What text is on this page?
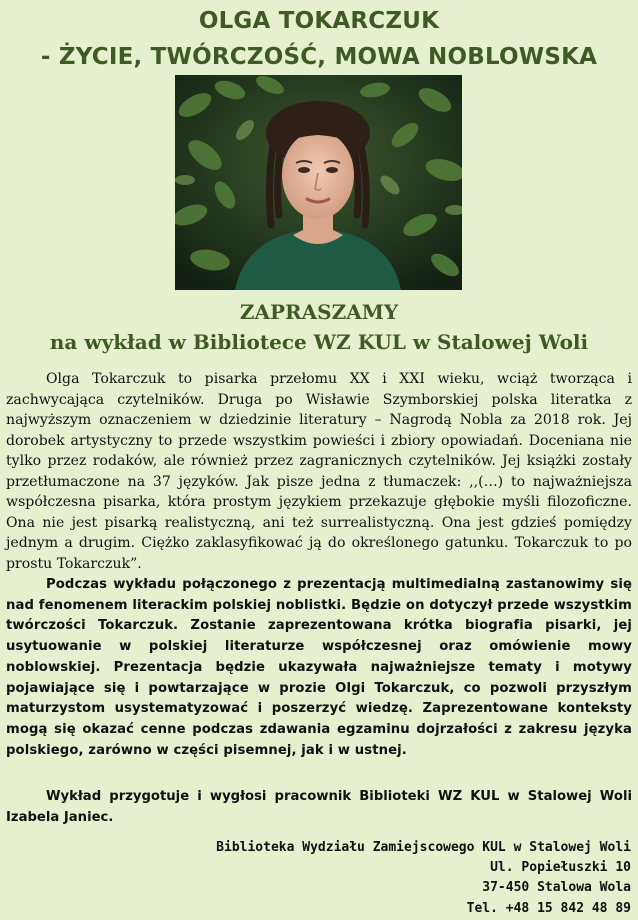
OLGA TOKARCZUK
- ŻYCIE, TWÓRCZOŚĆ, MOWA NOBLOWSKA
ZAPRASZAMY
na wykład w Bibliotece WZ KUL w Stalowej Woli

Olga Tokarczuk to pisarka przełomu XX i XXI wieku, wciąż tworząca i zachwycająca czytelników. Druga po Wisławie Szymborskiej polska literatka z najwyższym oznaczeniem w dziedzinie literatury – Nagrodą Nobla za 2018 rok. Jej dorobek artystyczny to przede wszystkim powieści i zbiory opowiadań. Doceniana nie tylko przez rodaków, ale również przez zagranicznych czytelników. Jej książki zostały przetłumaczone na 37 języków. Jak pisze jedna z tłumaczek: ,,(…) to najważniejsza współczesna pisarka, która prostym językiem przekazuje głębokie myśli filozoficzne. Ona nie jest pisarką realistyczną, ani też surrealistyczną. Ona jest gdzieś pomiędzy jednym a drugim. Ciężko zaklasyfikować ją do określonego gatunku. Tokarczuk to po prostu Tokarczuk”.

Podczas wykładu połączonego z prezentacją multimedialną zastanowimy się nad fenomenem literackim polskiej noblistki. Będzie on dotyczył przede wszystkim twórczości Tokarczuk. Zostanie zaprezentowana krótka biografia pisarki, jej usytuowanie w polskiej literaturze współczesnej oraz omówienie mowy noblowskiej. Prezentacja będzie ukazywała najważniejsze tematy i motywy pojawiające się i powtarzające w prozie Olgi Tokarczuk, co pozwoli przyszłym maturzystom usystematyzować i poszerzyć wiedzę. Zaprezentowane konteksty mogą się okazać cenne podczas zdawania egzaminu dojrzałości z zakresu języka polskiego, zarówno w części pisemnej, jak i w ustnej.

Wykład przygotuje i wygłosi pracownik Biblioteki WZ KUL w Stalowej Woli Izabela Janiec.

Biblioteka Wydziału Zamiejscowego KUL w Stalowej Woli
Ul. Popiełuszki 10
37-450 Stalowa Wola
Tel. +48 15 842 48 89
